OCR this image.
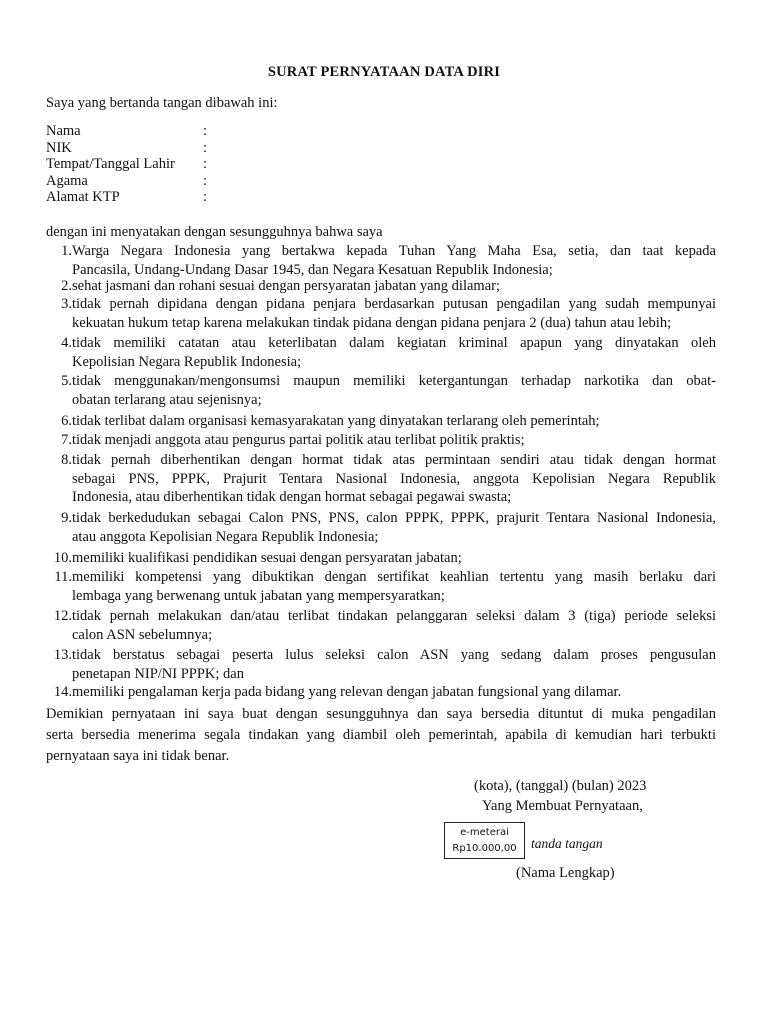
SURAT PERNYATAAN DATA DIRI
Saya yang bertanda tangan dibawah ini:
Nama	:
NIK	:
Tempat/Tanggal Lahir :
Agama	:
Alamat KTP	:
dengan ini menyatakan dengan sesungguhnya bahwa saya
1. Warga Negara Indonesia yang bertakwa kepada Tuhan Yang Maha Esa, setia, dan taat kepada
Pancasila, Undang-Undang Dasar 1945, dan Negara Kesatuan Republik Indonesia;
2. sehat jasmani dan rohani sesuai dengan persyaratan jabatan yang dilamar;
3. tidak pernah dipidana dengan pidana penjara berdasarkan putusan pengadilan yang sudah mempunyai
kekuatan hukum tetap karena melakukan tindak pidana dengan pidana penjara 2 (dua) tahun atau lebih;
4. tidak memiliki catatan atau keterlibatan dalam kegiatan kriminal apapun yang dinyatakan oleh
Kepolisian Negara Republik Indonesia;
5. tidak menggunakan/mengonsumsi maupun memiliki ketergantungan terhadap narkotika dan obat-
obatan terlarang atau sejenisnya;
6. tidak terlibat dalam organisasi kemasyarakatan yang dinyatakan terlarang oleh pemerintah;
7. tidak menjadi anggota atau pengurus partai politik atau terlibat politik praktis;
8. tidak pernah diberhentikan dengan hormat tidak atas permintaan sendiri atau tidak dengan hormat
sebagai PNS, PPPK, Prajurit Tentara Nasional Indonesia, anggota Kepolisian Negara Republik
Indonesia, atau diberhentikan tidak dengan hormat sebagai pegawai swasta;
9. tidak berkedudukan sebagai Calon PNS, PNS, calon PPPK, PPPK, prajurit Tentara Nasional Indonesia,
atau anggota Kepolisian Negara Republik Indonesia;
10. memiliki kualifikasi pendidikan sesuai dengan persyaratan jabatan;
11. memiliki kompetensi yang dibuktikan dengan sertifikat keahlian tertentu yang masih berlaku dari
lembaga yang berwenang untuk jabatan yang mempersyaratkan;
12. tidak pernah melakukan dan/atau terlibat tindakan pelanggaran seleksi dalam 3 (tiga) periode seleksi
calon ASN sebelumnya;
13. tidak berstatus sebagai peserta lulus seleksi calon ASN yang sedang dalam proses pengusulan
penetapan NIP/NI PPPK; dan
14. memiliki pengalaman kerja pada bidang yang relevan dengan jabatan fungsional yang dilamar.
Demikian pernyataan ini saya buat dengan sesungguhnya dan saya bersedia dituntut di muka pengadilan
serta bersedia menerima segala tindakan yang diambil oleh pemerintah, apabila di kemudian hari terbukti
pernyataan saya ini tidak benar.
(kota), (tanggal) (bulan) 2023
Yang Membuat Pernyataan,
e-meterai
Rp10.000,00	tanda tangan
(Nama Lengkap)
